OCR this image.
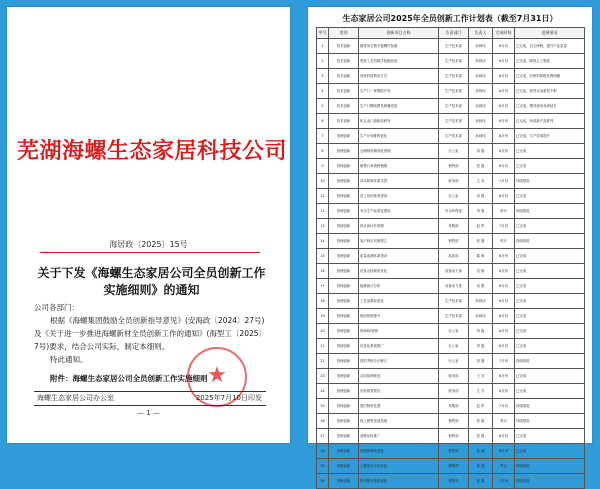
芜湖海螺生态家居科技公司
海居政〔2025〕15号
关于下发《海螺生态家居公司全员创新工作实施细则》的通知

公司各部门：

根据《海螺集团鼓励全员创新指导意见》(安海政〔2024〕27号)及《关于进一步推进海螺新材全员创新工作的通知》(海型工〔2025〕7号)要求，结合公司实际，制定本细则。

特此通知。

附件：海螺生态家居公司全员创新工作实施细则 ★
海螺生态家居公司办公室	2025年7月10日印发
— 1 —
生态家居公司2025年全员创新工作计划表（截至7月31日）
序号	类别	创新项目名称	负责部门	负责人	完成时间	进展情况
1	技术创新	随带单空锻平板螺钉检测	生产技术部	孙林伟	6月份	已完成，自主研制，提升产品质量
2	技术创新	型材工艺机械手装配改造	生产技术部	孙林伟	6月份	已完成，降低人工强度
3	技术创新	回收料再利用方式	生产技术部	孙林伟	6月份	已完成，回收料掺配比例明确
4	技术创新	生产门一体模腔开发	生产技术部	孙林伟	6月份	已完成，取得实用新型专利
5	技术创新	生产门模吨模具研磨改进	生产技术部	孙林伟	6月份	已完成，模具使用寿命延长
6	技术创新	铝合金门窗新品研发	生产技术部	孙林伟	6月份	已完成，形成新产品系列
7	管理创新	生产计划排程优化	生产技术部	孙林伟	8月份	已完成，生产效率提升
8	管理创新	仓储物料精细化管理	办公室	刘 磊	6月份	已完成
9	管理创新	销售订单流程梳理	销售部	张 磊	6月份	已完成
10	管理创新	成本核算体系完善	财务部	王 芳	7月份	持续推进
11	管理创新	员工培训体系建设	办公室	刘 磊	6月份	已完成
12	管理创新	安全生产标准化建设	安全环保部	李 强	每月	持续推进
13	管理创新	供应商评价管理	采购部	赵 军	7月份	已完成
14	管理创新	客户回访机制建立	销售部	张 磊	每月	持续推进
15	管理创新	质量追溯体系建设	品质部	陈 明	6月份	已完成
16	管理创新	设备点检制度优化	设备动力部	吴 刚	6月份	已完成
17	管理创新	能耗统计分析	设备动力部	吴 刚	6月份	已完成
18	管理创新	工艺参数标准化	生产技术部	孙林伟	6月份	已完成
19	管理创新	班组管理提升	生产技术部	孙林伟	6月份	已完成
20	管理创新	现场6S管理	办公室	刘 磊	6月份	已完成
21	管理创新	信息化系统推广	办公室	刘 磊	6月份	已完成
22	管理创新	绩效考核办法修订	办公室	刘 磊	7月份	持续推进
23	管理创新	合同管理规范	财务部	王 芳	6月份	已完成
24	管理创新	应收账款管控	财务部	王 芳	6月份	已完成
25	管理创新	废旧物资处置	采购部	赵 军	7月份	持续推进
26	营销创新	线上销售渠道拓展	销售部	张 磊	每月	持续推进
27	营销创新	品牌宣传推广	销售部	张 磊	6月份	已完成
28	营销创新	经销商网络建设	销售部	张 磊	6月份	已完成
29	营销创新	工程项目市场开拓	销售部	张 磊	每月	持续推进
30	营销创新	售后服务体系优化	销售部	张 磊	7月份	持续推进
